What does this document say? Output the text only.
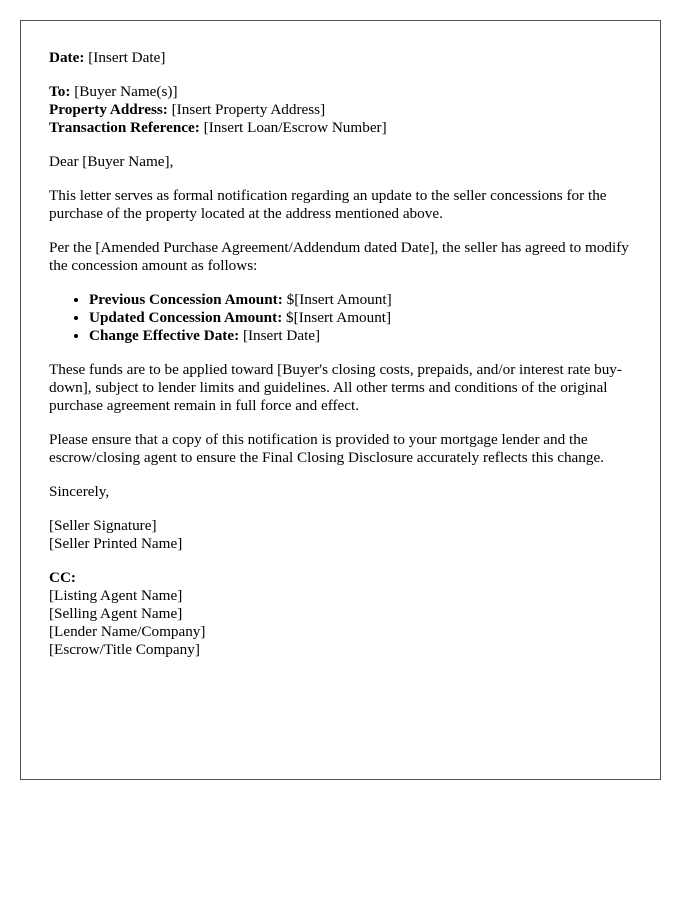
Date: [Insert Date]
To: [Buyer Name(s)]
Property Address: [Insert Property Address]
Transaction Reference: [Insert Loan/Escrow Number]
Dear [Buyer Name],
This letter serves as formal notification regarding an update to the seller concessions for the purchase of the property located at the address mentioned above.
Per the [Amended Purchase Agreement/Addendum dated Date], the seller has agreed to modify the concession amount as follows:
• Previous Concession Amount: $[Insert Amount]
• Updated Concession Amount: $[Insert Amount]
• Change Effective Date: [Insert Date]
These funds are to be applied toward [Buyer's closing costs, prepaids, and/or interest rate buy-down], subject to lender limits and guidelines. All other terms and conditions of the original purchase agreement remain in full force and effect.
Please ensure that a copy of this notification is provided to your mortgage lender and the escrow/closing agent to ensure the Final Closing Disclosure accurately reflects this change.
Sincerely,
[Seller Signature]
[Seller Printed Name]
CC:
[Listing Agent Name]
[Selling Agent Name]
[Lender Name/Company]
[Escrow/Title Company]
